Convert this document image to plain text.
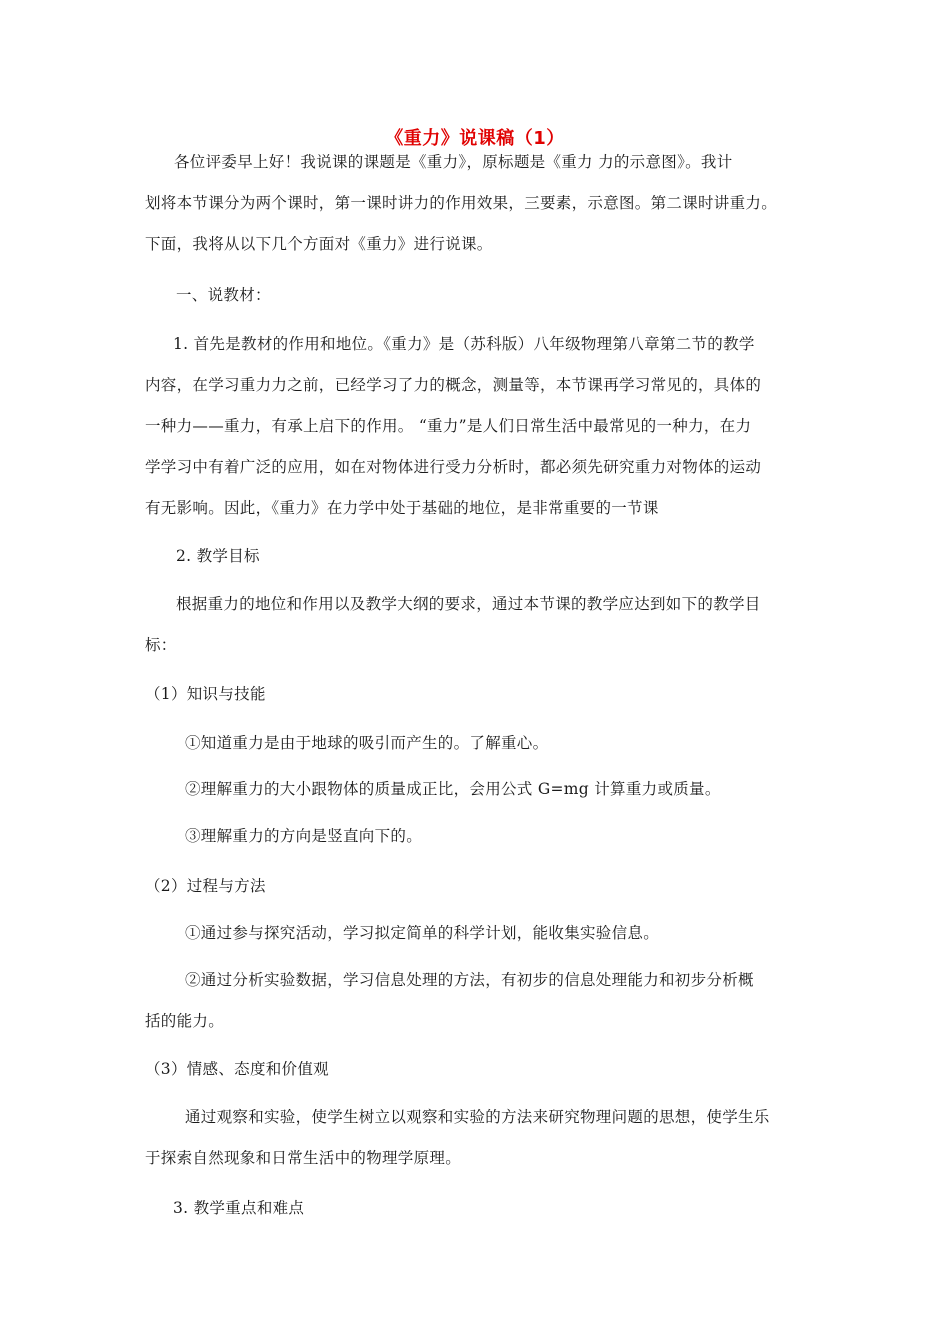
《重力》说课稿（1）
各位评委早上好！我说课的课题是《重力》，原标题是《重力 力的示意图》。我计
划将本节课分为两个课时，第一课时讲力的作用效果，三要素，示意图。第二课时讲重力。
下面，我将从以下几个方面对《重力》进行说课。
一、说教材：
1. 首先是教材的作用和地位。《重力》是（苏科版）八年级物理第八章第二节的教学
内容，在学习重力力之前，已经学习了力的概念，测量等，本节课再学习常见的，具体的
一种力——重力，有承上启下的作用。 “重力”是人们日常生活中最常见的一种力，在力
学学习中有着广泛的应用，如在对物体进行受力分析时，都必须先研究重力对物体的运动
有无影响。因此，《重力》在力学中处于基础的地位，是非常重要的一节课
2. 教学目标
根据重力的地位和作用以及教学大纲的要求，通过本节课的教学应达到如下的教学目
标：
（1）知识与技能
①知道重力是由于地球的吸引而产生的。了解重心。
②理解重力的大小跟物体的质量成正比，会用公式 G=mg 计算重力或质量。
③理解重力的方向是竖直向下的。
（2）过程与方法
①通过参与探究活动，学习拟定简单的科学计划，能收集实验信息。
②通过分析实验数据，学习信息处理的方法，有初步的信息处理能力和初步分析概
括的能力。
（3）情感、态度和价值观
通过观察和实验，使学生树立以观察和实验的方法来研究物理问题的思想，使学生乐
于探索自然现象和日常生活中的物理学原理。
3. 教学重点和难点
